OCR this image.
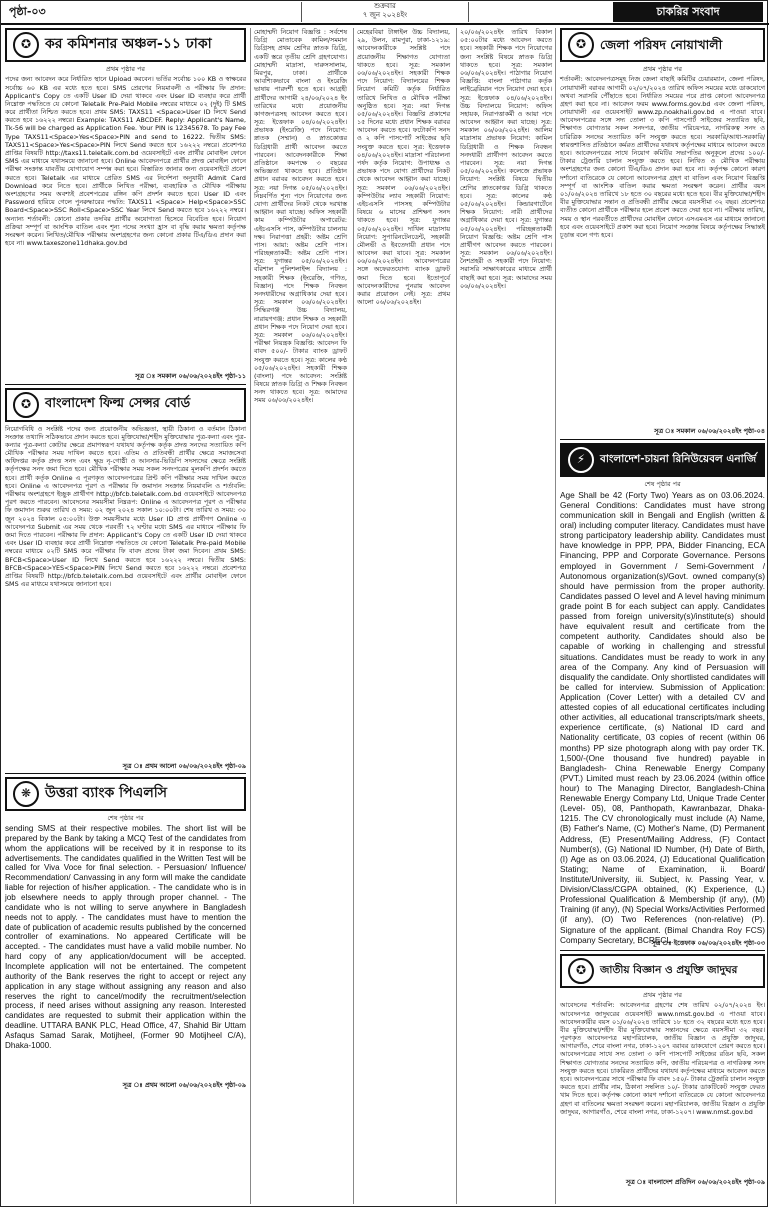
পৃষ্ঠা-০৩	শুক্রবার
৭ জুন ২০২৪ইং	চাকরির সংবাদ
✪ কর কমিশনার অঞ্চল-১১ ঢাকা
প্রথম পৃষ্ঠার পর
পদের জন্য আবেদন করে নির্ধারিত স্থানে Upload করবেন। ভর্তির সর্বোচ্চ ১০০ KB ও স্বাক্ষরের সর্বোচ্চ ৬০ KB এর মধ্যে হতে হবে। SMS প্রেরণের নিয়মাবলী ও পরীক্ষার ফি প্রদান: Applicant's Copy তে একটি User ID দেয়া থাকবে এবং User ID ব্যবহার করে প্রার্থী নিম্নোক্ত পদ্ধতিতে যে কোনো Teletalk Pre-Paid Mobile নম্বরের মাধ্যমে ০২ (দুই) টি SMS করে প্রার্থীতা নিশ্চিত করতে হবে। প্রথম SMS: TAXS11 <Space>User ID লিখে Send করতে হবে ১৬২২২ নম্বরে। Example: TAXS11 ABCDEF. Reply: Applicant's Name, Tk-56 will be charged as Application Fee. Your PIN is 12345678. To pay Fee Type TAXS11<Space>Yes<Space>PIN and send to 16222. দ্বিতীয় SMS: TAXS11<Space>Yes<Space>PIN লিখে Send করতে হবে ১৬২২২ নম্বরে। প্রবেশপত্র প্রাপ্তির বিষয়টি http://taxs11.teletalk.com.bd ওয়েবসাইটে এবং প্রার্থীর মোবাইল ফোনে SMS এর মাধ্যমে যথাসময়ে জানানো হবে। Online আবেদনপত্রে প্রার্থীর প্রদত্ত মোবাইল ফোনে পরীক্ষা সংক্রান্ত যাবতীয় যোগাযোগ সম্পন্ন করা হবে। বিস্তারিত জানার জন্য ওয়েবসাইটে প্রবেশ করতে হবে। Teletalk এর মাধ্যমে প্রেরিত SMS এর নির্দেশনা অনুযায়ী Admit Card Download করে নিতে হবে। প্রার্থীকে লিখিত পরীক্ষা, ব্যবহারিক ও মৌখিক পরীক্ষায় অংশগ্রহণের সময় অবশ্যই প্রবেশপত্রের রঙ্গিন কপি প্রদর্শন করতে হবে। User ID এবং Password হারিয়ে গেলে পুনরুদ্ধারের পদ্ধতি: TAXS11 <Space> Help<Space>SSC Board<Space>SSC Roll<Space>SSC Year লিখে Send করতে হবে ১৬২২২ নম্বরে। অন্যান্য শর্তাবলী: কোনো প্রকার তদবির প্রার্থীর অযোগ্যতা হিসেবে বিবেচিত হবে। নিয়োগ প্রক্রিয়া সম্পূর্ণ বা আংশিক বাতিল এবং শূন্য পদের সংখ্যা হ্রাস বা বৃদ্ধি করার ক্ষমতা কর্তৃপক্ষ সংরক্ষণ করেন। লিখিত/মৌখিক পরীক্ষায় অংশগ্রহণের জন্য কোনো প্রকার টিএ/ডিএ প্রদান করা হবে না। www.taxeszone11dhaka.gov.bd
সূত্র ঃ সমকাল ০৬/০৬/২০২৪ইং পৃষ্ঠা-১১
✪	বাংলাদেশ ফিল্ম সেন্সর বোর্ড
নিয়োগবিধি ও সংশ্লিষ্ট পদের জন্য প্রয়োজনীয় অভিজ্ঞতা, স্থায়ী ঠিকানা ও বর্তমান ঠিকানা সংক্রান্ত তথ্যাদি সঠিকভাবে প্রদান করতে হবে। মুক্তিযোদ্ধা/শহীদ মুক্তিযোদ্ধার পুত্র-কন্যা এবং পুত্র-কন্যার পুত্র-কন্যা কোটার ক্ষেত্রে প্রমাণস্বরূপ যথাযথ কর্তৃপক্ষ কর্তৃক প্রদত্ত সনদের সত্যায়িত কপি মৌখিক পরীক্ষার সময় দাখিল করতে হবে। এতিম ও প্রতিবন্ধী প্রার্থীর ক্ষেত্রে সমাজসেবা অধিদপ্তর কর্তৃক প্রদত্ত সনদ এবং ক্ষুদ্র নৃ-গোষ্ঠী ও আনসার-ভিডিপি সদস্যদের ক্ষেত্রে সংশ্লিষ্ট কর্তৃপক্ষের সনদ জমা দিতে হবে। মৌখিক পরীক্ষার সময় সকল সনদপত্রের মূলকপি প্রদর্শন করতে হবে। প্রার্থী কর্তৃক Online এ পূরণকৃত আবেদনপত্রের প্রিন্ট কপি পরীক্ষার সময় দাখিল করতে হবে। Online এ আবেদনপত্র পূরণ ও পরীক্ষার ফি জমাদান সংক্রান্ত নিয়মাবলি ও শর্তাবলি: পরীক্ষায় অংশগ্রহণে ইচ্ছুক প্রার্থীগণ http://bfcb.teletalk.com.bd ওয়েবসাইটে আবেদনপত্র পূরণ করতে পারবেন। আবেদনের সময়সীমা নিম্নরূপ: Online এ আবেদনপত্র পূরণ ও পরীক্ষার ফি জমাদান শুরুর তারিখ ও সময়: ০২ জুন ২০২৪ সকাল ১০:০০টা। শেষ তারিখ ও সময়: ৩০ জুন ২০২৪ বিকাল ০৫:০০টা। উক্ত সময়সীমার মধ্যে User ID প্রাপ্ত প্রার্থীগণ Online এ আবেদনপত্র Submit এর সময় থেকে পরবর্তী ৭২ ঘণ্টার মধ্যে SMS এর মাধ্যমে পরীক্ষার ফি জমা দিতে পারবেন। পরীক্ষার ফি প্রদান: Applicant's Copy তে একটি User ID দেয়া থাকবে এবং User ID ব্যবহার করে প্রার্থী নিম্নোক্ত পদ্ধতিতে যে কোনো Teletalk Pre-paid Mobile নম্বরের মাধ্যমে ০২টি SMS করে পরীক্ষার ফি বাবদ প্রদেয় টাকা জমা দিবেন। প্রথম SMS: BFCB<Space>User ID লিখে Send করতে হবে ১৬২২২ নম্বরে। দ্বিতীয় SMS: BFCB<Space>YES<Space>PIN লিখে Send করতে হবে ১৬২২২ নম্বরে। প্রবেশপত্র প্রাপ্তির বিষয়টি http://bfcb.teletalk.com.bd ওয়েবসাইটে এবং প্রার্থীর মোবাইল ফোনে SMS এর মাধ্যমে যথাসময়ে জানানো হবে।
সূত্র ঃ প্রথম আলো ০৬/০৬/২০২৪ইং পৃষ্ঠা-০৯
❋ উত্তরা ব্যাংক পিএলসি
শেষ পৃষ্ঠার পর
sending SMS at their respective mobiles. The short list will be prepared by the Bank by taking a MCQ Test of the candidates from whom the applications will be received by it in response to its advertisements. The candidates qualified in the Written Test will be called for Viva Voce for final selection. - Persuasion/ Influence/ Recommendation/ Canvassing in any form will make the candidate liable for rejection of his/her application. - The candidate who is in job elsewhere needs to apply through proper channel. - The candidate who is not willing to serve anywhere in Bangladesh needs not to apply. - The candidates must have to mention the date of publication of academic results published by the concerned controller of examinations. No appeared Certificate will be accepted. - The candidates must have a valid mobile number. No hard copy of any application/document will be accepted. Incomplete application will not be entertained. The competent authority of the Bank reserves the right to accept or reject any application in any stage without assigning any reason and also reserves the right to cancel/modify the recruitment/selection process, if need arises without assigning any reason. Interested candidates are requested to submit their application within the deadline. UTTARA BANK PLC, Head Office, 47, Shahid Bir Uttam Asfaqus Samad Sarak, Motijheel, (Former 90 Motijheel C/A), Dhaka-1000.
সূত্র ঃ প্রথম আলো ০৬/০৬/২০২৪ইং পৃষ্ঠা-০৯
মোহাম্মদী নিয়োগ বিজ্ঞপ্তি : সর্বশেষ ডিগ্রি মোতাবেক কামিল/সমমান ডিগ্রিসহ প্রথম শ্রেণির স্নাতক ডিগ্রি, একটি স্তরে তৃতীয় শ্রেণি গ্রহণযোগ্য। মোহাম্মদী মাদ্রাসা, দারুসসালাম, মিরপুর, ঢাকা। প্রার্থীকে আবশ্যিকভাবে বাংলা ও ইংরেজি ভাষায় পারদর্শী হতে হবে। আগ্রহী প্রার্থীদের আগামী ২৪/০৬/২০২৪ ইং তারিখের মধ্যে প্রয়োজনীয় কাগজপত্রসহ আবেদন করতে হবে। সূত্র: ইত্তেফাক ০৪/০৬/২০২৪ইং। প্রভাষক (ইংরেজি) পদে নিয়োগ: স্নাতক (সম্মান) ও স্নাতকোত্তর ডিগ্রিধারী প্রার্থী আবেদন করতে পারবেন। আবেদনকারীকে শিক্ষা প্রতিষ্ঠানে কমপক্ষে ৩ বছরের অভিজ্ঞতা থাকতে হবে। প্রতিষ্ঠান প্রধান বরাবর আবেদন করতে হবে। সূত্র: নয়া দিগন্ত ০৫/০৬/২০২৪ইং। নিম্নবর্ণিত শূন্য পদে নিয়োগের জন্য যোগ্য প্রার্থীদের নিকট থেকে দরখাস্ত আহ্বান করা যাচ্ছে। অফিস সহকারী কাম কম্পিউটার অপারেটর: এইচএসসি পাস, কম্পিউটার চালনায় দক্ষ। নিরাপত্তা প্রহরী: অষ্টম শ্রেণি পাস। আয়া: অষ্টম শ্রেণি পাস। পরিচ্ছন্নতাকর্মী: অষ্টম শ্রেণি পাস। সূত্র: যুগান্তর ০৫/০৬/২০২৪ইং। বরিশাল পুলিশলাইন্স বিদ্যালয় : সহকারী শিক্ষক (ইংরেজি, গণিত, বিজ্ঞান) পদে শিক্ষক নিবন্ধন সনদধারীদের অগ্রাধিকার দেয়া হবে। সূত্র: সমকাল ০৬/০৬/২০২৪ইং। সিদ্ধিরগঞ্জ উচ্চ বিদ্যালয়, নারায়ণগঞ্জ: প্রধান শিক্ষক ও সহকারী প্রধান শিক্ষক পদে নিয়োগ দেয়া হবে। সূত্র: সমকাল ০৬/০৬/২০২৪ইং। পরীক্ষা নিয়ন্ত্রক বিজ্ঞপ্তি: আবেদন ফি বাবদ ৫০০/- টাকার ব্যাংক ড্রাফট সংযুক্ত করতে হবে। সূত্র: কালের কণ্ঠ ০৫/০৬/২০২৪ইং। সহকারী শিক্ষক (বাংলা) পদে আবেদন: সংশ্লিষ্ট বিষয়ে স্নাতক ডিগ্রি ও শিক্ষক নিবন্ধন সনদ থাকতে হবে। সূত্র: আমাদের সময় ০৬/০৬/২০২৪ইং।
মেহেরবিয়া টাঙ্গাইল উচ্চ বিদ্যালয়, ২৯, উলন, রামপুরা, ঢাকা-১২১৯: আবেদনকারীকে সংশ্লিষ্ট পদে প্রয়োজনীয় শিক্ষাগত যোগ্যতা থাকতে হবে। সূত্র: সমকাল ০৬/০৬/২০২৪ইং। সহকারী শিক্ষক পদে নিয়োগ: বিদ্যালয়ের শিক্ষক নিয়োগ কমিটি কর্তৃক নির্ধারিত তারিখে লিখিত ও মৌখিক পরীক্ষা অনুষ্ঠিত হবে। সূত্র: নয়া দিগন্ত ০৫/০৬/২০২৪ইং। বিজ্ঞপ্তি প্রকাশের ১৫ দিনের মধ্যে প্রধান শিক্ষক বরাবর আবেদন করতে হবে। ফটোকপি সনদ ও ২ কপি পাসপোর্ট সাইজের ছবি সংযুক্ত করতে হবে। সূত্র: ইত্তেফাক ০৪/০৬/২০২৪ইং। মাদ্রাসা পরিচালনা পর্ষদ কর্তৃক নিয়োগ: উপাধ্যক্ষ ও প্রভাষক পদে যোগ্য প্রার্থীদের নিকট থেকে আবেদন আহ্বান করা যাচ্ছে। সূত্র: সমকাল ০৬/০৬/২০২৪ইং। কম্পিউটার ল্যাব সহকারী নিয়োগ: এইচএসসি পাসসহ কম্পিউটার বিষয়ে ৬ মাসের প্রশিক্ষণ সনদ থাকতে হবে। সূত্র: যুগান্তর ০৫/০৬/২০২৪ইং। দাখিল মাদ্রাসায় নিয়োগ: সুপারিনটেনডেন্ট, সহকারী মৌলভী ও ইবতেদায়ী প্রধান পদে আবেদন করা যাবে। সূত্র: সমকাল ০৬/০৬/২০২৪ইং। আবেদনপত্রের সঙ্গে অফেরতযোগ্য ব্যাংক ড্রাফট জমা দিতে হবে। ইতোপূর্বে আবেদনকারীদের পুনরায় আবেদন করার প্রয়োজন নেই। সূত্র: প্রথম আলো ০৬/০৬/২০২৪ইং।
২০/০৬/২০২৪ইং তারিখ বিকাল ০৫:০০টার মধ্যে আবেদন করতে হবে। সহকারী শিক্ষক পদে নিয়োগের জন্য সংশ্লিষ্ট বিষয়ে স্নাতক ডিগ্রি থাকতে হবে। সূত্র: সমকাল ০৬/০৬/২০২৪ইং। পাঠাগার নিয়োগ বিজ্ঞপ্তি: বাংলা পাঠাগার কর্তৃক লাইব্রেরিয়ান পদে নিয়োগ দেয়া হবে। সূত্র: ইত্তেফাক ০৪/০৬/২০২৪ইং। উচ্চ বিদ্যালয়ে নিয়োগ: অফিস সহায়ক, নিরাপত্তাকর্মী ও আয়া পদে আবেদন আহ্বান করা যাচ্ছে। সূত্র: সমকাল ০৬/০৬/২০২৪ইং। আলিম মাদ্রাসায় প্রভাষক নিয়োগ: কামিল ডিগ্রিধারী ও শিক্ষক নিবন্ধন সনদধারী প্রার্থীগণ আবেদন করতে পারবেন। সূত্র: নয়া দিগন্ত ০৫/০৬/২০২৪ইং। কলেজে প্রভাষক নিয়োগ: সংশ্লিষ্ট বিষয়ে দ্বিতীয় শ্রেণির স্নাতকোত্তর ডিগ্রি থাকতে হবে। সূত্র: কালের কণ্ঠ ০৫/০৬/২০২৪ইং। কিন্ডারগার্টেনে শিক্ষক নিয়োগ: নারী প্রার্থীদের অগ্রাধিকার দেয়া হবে। সূত্র: যুগান্তর ০৫/০৬/২০২৪ইং। পরিচ্ছন্নতাকর্মী নিয়োগ বিজ্ঞপ্তি: অষ্টম শ্রেণি পাস প্রার্থীগণ আবেদন করতে পারবেন। সূত্র: সমকাল ০৬/০৬/২০২৪ইং। নৈশপ্রহরী ও সহকারী পদে নিয়োগ: সরাসরি সাক্ষাৎকারের মাধ্যমে প্রার্থী বাছাই করা হবে। সূত্র: আমাদের সময় ০৬/০৬/২০২৪ইং।
✪	জেলা পরিষদ নোয়াখালী
প্রথম পৃষ্ঠার পর
শর্তাবলী: আবেদনপত্রসমূহ নিজ জেলা বাছাই কমিটির চেয়ারম্যান, জেলা পরিষদ, নোয়াখালী বরাবর আগামী ০২/০৭/২০২৪ তারিখ অফিস সময়ের মধ্যে ডাকযোগে অথবা সরাসরি পৌঁছাতে হবে। নির্ধারিত সময়ের পরে প্রাপ্ত কোনো আবেদনপত্র গ্রহণ করা হবে না। আবেদন ফরম www.forms.gov.bd এবং জেলা পরিষদ, নোয়াখালী এর ওয়েবসাইট www.zp.noakhali.gov.bd এ পাওয়া যাবে। আবেদনপত্রের সঙ্গে সদ্য তোলা ৩ কপি পাসপোর্ট সাইজের সত্যায়িত ছবি, শিক্ষাগত যোগ্যতার সকল সনদপত্র, জাতীয় পরিচয়পত্র, নাগরিকত্ব সনদ ও চারিত্রিক সনদের সত্যায়িত কপি সংযুক্ত করতে হবে। সরকারি/আধা-সরকারি/স্বায়ত্তশাসিত প্রতিষ্ঠানে কর্মরত প্রার্থীদের যথাযথ কর্তৃপক্ষের মাধ্যমে আবেদন করতে হবে। আবেদনপত্রের সাথে নিয়োগ কমিটির সভাপতির অনুকূলে প্রদেয় ১০০/- টাকার ট্রেজারি চালান সংযুক্ত করতে হবে। লিখিত ও মৌখিক পরীক্ষায় অংশগ্রহণের জন্য কোনো টিএ/ডিএ প্রদান করা হবে না। কর্তৃপক্ষ কোনো কারণ দর্শানো ব্যতিরেকে যে কোনো আবেদনপত্র গ্রহণ বা বাতিল এবং নিয়োগ বিজ্ঞপ্তি সম্পূর্ণ বা আংশিক বাতিল করার ক্ষমতা সংরক্ষণ করেন। প্রার্থীর বয়স ০১/০৬/২০২৪ তারিখে ১৮ হতে ৩০ বছরের মধ্যে হতে হবে। বীর মুক্তিযোদ্ধা/শহীদ বীর মুক্তিযোদ্ধার সন্তান ও প্রতিবন্ধী প্রার্থীর ক্ষেত্রে বয়সসীমা ৩২ বছর। প্রবেশপত্র ব্যতীত কোনো প্রার্থীকে পরীক্ষার হলে প্রবেশ করতে দেয়া হবে না। পরীক্ষার তারিখ, সময় ও স্থান পরবর্তীতে প্রার্থীদের মোবাইল ফোনে এসএমএস এর মাধ্যমে জানানো হবে এবং ওয়েবসাইটে প্রকাশ করা হবে। নিয়োগ সংক্রান্ত বিষয়ে কর্তৃপক্ষের সিদ্ধান্তই চূড়ান্ত বলে গণ্য হবে।
সূত্র ঃ সমকাল ০৬/০৬/২০২৪ইং পৃষ্ঠা-০৪
⚡	বাংলাদেশ-চায়না রিনিউয়েবল এনার্জি
শেষ পৃষ্ঠার পর
Age Shall be 42 (Forty Two) Years as on 03.06.2024. General Conditions: Candidates must have strong communication skill in Bengali and English (written & oral) including computer literacy. Candidates must have strong participatory leadership ability. Candidates must have knowledge in PPP, PPA, Bidder Financing, ECA Financing, PPP and Corporate Governance. Persons employed in Government / Semi-Government / Autonomous organization(s)/Govt. owned company(s) should have permission from the proper authority. Candidates passed O level and A level having minimum grade point B for each subject can apply. Candidates passed from foreign university(s)/institute(s) should have equivalent result and certificate from the competent authority. Candidates should also be capable of working in challenging and stressful situations. Candidates must be ready to work in any area of the Company. Any kind of Persuasion will disqualify the candidate. Only shortlisted candidates will be called for interview. Submission of Application: Application (Cover Letter) with a detailed CV and attested copies of all educational certificates including other activities, all educational transcripts/mark sheets, experience certificate, (s) National ID card and Nationality certificate, 03 copies of recent (within 06 months) PP size photograph along with pay order TK. 1,500/-(One thousand five hundred) payable in Bangladesh- China Renewable Energy Company (PVT.) Limited must reach by 23.06.2024 (within office hour) to The Managing Director, Bangladesh-China Renewable Energy Company Ltd, Unique Trade Center (Level- 05), 08, Panthopath, Kawranbazar, Dhaka-1215. The CV chronologically must include (A) Name, (B) Father's Name, (C) Mother's Name, (D) Permanent Address, (E) Present/Mailing Address, (F) Contact Number(s), (G) National ID Number, (H) Date of Birth, (I) Age as on 03.06.2024, (J) Educational Qualification Stating; Name of Examination, ii. Board/ Institute/University, iii. Subject, iv. Passing Year, v. Division/Class/CGPA obtained, (K) Experience, (L) Professional Qualification & Membership (if any), (M) Training (if any), (N) Special Works/Activities Performed (if any), (O) Two References (non-relative) (P). Signature of the applicant. (Bimal Chandra Roy FCS) Company Secretary, BCRECL.
সূত্র ঃ ইত্তেফাক ০৬/০৬/২০২৪ইং পৃষ্ঠা-০৩
✪	জাতীয় বিজ্ঞান ও প্রযুক্তি জাদুঘর
প্রথম পৃষ্ঠার পর
আবেদনের শর্তাবলি: আবেদনপত্র গ্রহণের শেষ তারিখ ০২/০৭/২০২৪ ইং। আবেদনপত্র জাদুঘরের ওয়েবসাইট www.nmst.gov.bd এ পাওয়া যাবে। আবেদনকারীর বয়স ০১/০৬/২০২৪ তারিখে ১৮ হতে ৩২ বছরের মধ্যে হতে হবে। বীর মুক্তিযোদ্ধা/শহীদ বীর মুক্তিযোদ্ধার সন্তানদের ক্ষেত্রে বয়সসীমা ৩২ বছর। পূরণকৃত আবেদনপত্র মহাপরিচালক, জাতীয় বিজ্ঞান ও প্রযুক্তি জাদুঘর, আগারগাঁও, শেরে বাংলা নগর, ঢাকা-১২০৭ বরাবর ডাকযোগে প্রেরণ করতে হবে। আবেদনপত্রের সাথে সদ্য তোলা ৩ কপি পাসপোর্ট সাইজের রঙিন ছবি, সকল শিক্ষাগত যোগ্যতার সনদের সত্যায়িত কপি, জাতীয় পরিচয়পত্র ও নাগরিকত্ব সনদ সংযুক্ত করতে হবে। চাকরিরত প্রার্থীদের যথাযথ কর্তৃপক্ষের মাধ্যমে আবেদন করতে হবে। আবেদনপত্রের সাথে পরীক্ষার ফি বাবদ ১৫০/- টাকার ট্রেজারি চালান সংযুক্ত করতে হবে। প্রার্থীর নাম, ঠিকানা সম্বলিত ১০/- টাকার ডাকটিকেট সংযুক্ত ফেরত খাম দিতে হবে। কর্তৃপক্ষ কোনো কারণ দর্শানো ব্যতিরেকে যে কোনো আবেদনপত্র গ্রহণ বা বাতিলের ক্ষমতা সংরক্ষণ করেন। মহাপরিচালক, জাতীয় বিজ্ঞান ও প্রযুক্তি জাদুঘর, আগারগাঁও, শেরে বাংলা নগর, ঢাকা-১২০৭। www.nmst.gov.bd
সূত্র ঃ বাংলাদেশ প্রতিদিন ০৬/০৬/২০২৪ইং পৃষ্ঠা-০৯
